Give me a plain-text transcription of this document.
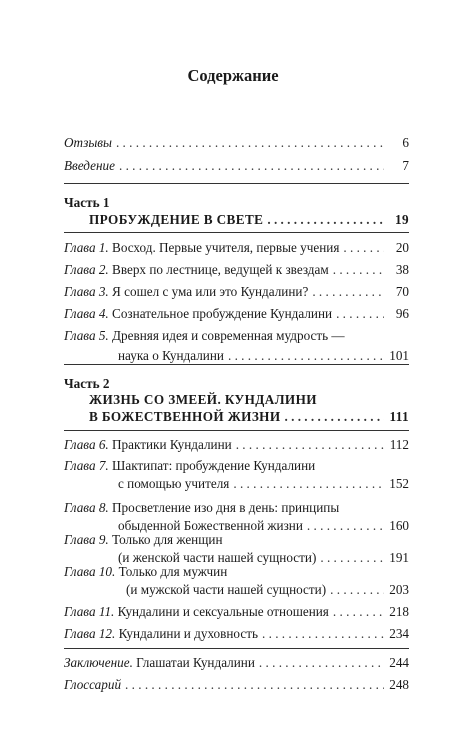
Содержание
Отзывы . . .	6
Введение . . .	7
Часть 1
ПРОБУЖДЕНИЕ В СВЕТЕ . . .	19
Глава 1. Восход. Первые учителя, первые учения . . .	20
Глава 2. Вверх по лестнице, ведущей к звездам . . .	38
Глава 3. Я сошел с ума или это Кундалини? . . .	70
Глава 4. Сознательное пробуждение Кундалини . . .	96
Глава 5. Древняя идея и современная мудрость —
наука о Кундалини . . .	101
Часть 2
ЖИЗНЬ СО ЗМЕЕЙ. КУНДАЛИНИ
В БОЖЕСТВЕННОЙ ЖИЗНИ . . .	111
Глава 6. Практики Кундалини . . .	112
Глава 7. Шактипат: пробуждение Кундалини
с помощью учителя . . .	152
Глава 8. Просветление изо дня в день: принципы
обыденной Божественной жизни . . .	160
Глава 9. Только для женщин
(и женской части нашей сущности) . . .	191
Глава 10. Только для мужчин
(и мужской части нашей сущности) . . .	203
Глава 11. Кундалини и сексуальные отношения . . .	218
Глава 12. Кундалини и духовность . . .	234
Заключение. Глашатаи Кундалини . . .	244
Глоссарий . . .	248
